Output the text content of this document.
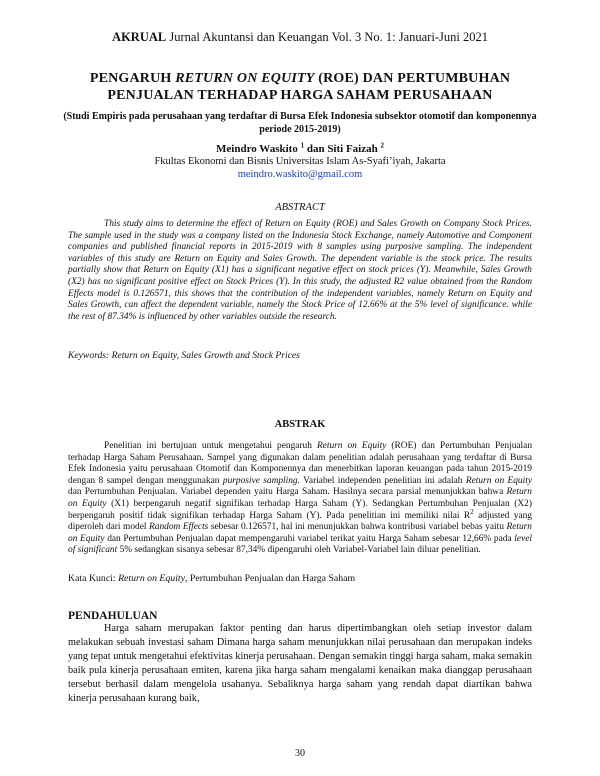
AKRUAL Jurnal Akuntansi dan Keuangan Vol. 3 No. 1: Januari-Juni 2021
PENGARUH RETURN ON EQUITY (ROE) DAN PERTUMBUHAN
PENJUALAN TERHADAP HARGA SAHAM PERUSAHAAN
(Studi Empiris pada perusahaan yang terdaftar di Bursa Efek Indonesia subsektor otomotif dan komponennya periode 2015-2019)
Meindro Waskito $^1$ dan Siti Faizah $^2$
Fkultas Ekonomi dan Bisnis Universitas Islam As-Syafi’iyah, Jakarta
meindro.waskito@gmail.com
ABSTRACT

This study aims to determine the effect of Return on Equity (ROE) and Sales Growth on Company Stock Prices. The sample used in the study was a company listed on the Indonesia Stock Exchange, namely Automotive and Component companies and published financial reports in 2015-2019 with 8 samples using purposive sampling. The independent variables of this study are Return on Equity and Sales Growth. The dependent variable is the stock price. The results partially show that Return on Equity (X1) has a significant negative effect on stock prices (Y). Meanwhile, Sales Growth (X2) has no significant positive effect on Stock Prices (Y). In this study, the adjusted R2 value obtained from the Random Effects model is 0.126571, this shows that the contribution of the independent variables, namely Return on Equity and Sales Growth, can affect the dependent variable, namely the Stock Price of 12.66% at the 5% level of significance. while the rest of 87.34% is influenced by other variables outside the research.

Keywords: Return on Equity, Sales Growth and Stock Prices
ABSTRAK

Penelitian ini bertujuan untuk mengetahui pengaruh Return on Equity (ROE) dan Pertumbuhan Penjualan terhadap Harga Saham Perusahaan. Sampel yang digunakan dalam penelitian adalah perusahaan yang terdaftar di Bursa Efek Indonesia yaitu perusahaan Otomotif dan Komponennya dan menerbitkan laporan keuangan pada tahun 2015-2019 dengan 8 sampel dengan menggunakan purposive sampling. Variabel independen penelitian ini adalah Return on Equity dan Pertumbuhan Penjualan. Variabel dependen yaitu Harga Saham. Hasilnya secara parsial menunjukkan bahwa Return on Equity (X1) berpengaruh negatif signifikan terhadap Harga Saham (Y). Sedangkan Pertumbuhan Penjualan (X2) berpengaruh positif tidak signifikan terhadap Harga Saham (Y). Pada penelitian ini memiliki nilai $R^2$ adjusted yang diperoleh dari model Random Effects sebesar 0.126571, hal ini menunjukkan bahwa kontribusi variabel bebas yaitu Return on Equity dan Pertumbuhan Penjualan dapat mempengaruhi variabel terikat yaitu Harga Saham sebesar 12,66% pada level of significant 5% sedangkan sisanya sebesar 87,34% dipengaruhi oleh Variabel-Variabel lain diluar penelitian.

Kata Kunci: Return on Equity, Pertumbuhan Penjualan dan Harga Saham
PENDAHULUAN

Harga saham merupakan faktor penting dan harus dipertimbangkan oleh setiap investor dalam melakukan sebuah investasi saham Dimana harga saham menunjukkan nilai perusahaan dan merupakan indeks yang tepat untuk mengetahui efektivitas kinerja perusahaan. Dengan semakin tinggi harga saham, maka semakin baik pula kinerja perusahaan emiten, karena jika harga saham mengalami kenaikan maka dianggap perusahaan tersebut berhasil dalam mengelola usahanya. Sebaliknya harga saham yang rendah dapat diartikan bahwa kinerja perusahaan kurang baik,

30
